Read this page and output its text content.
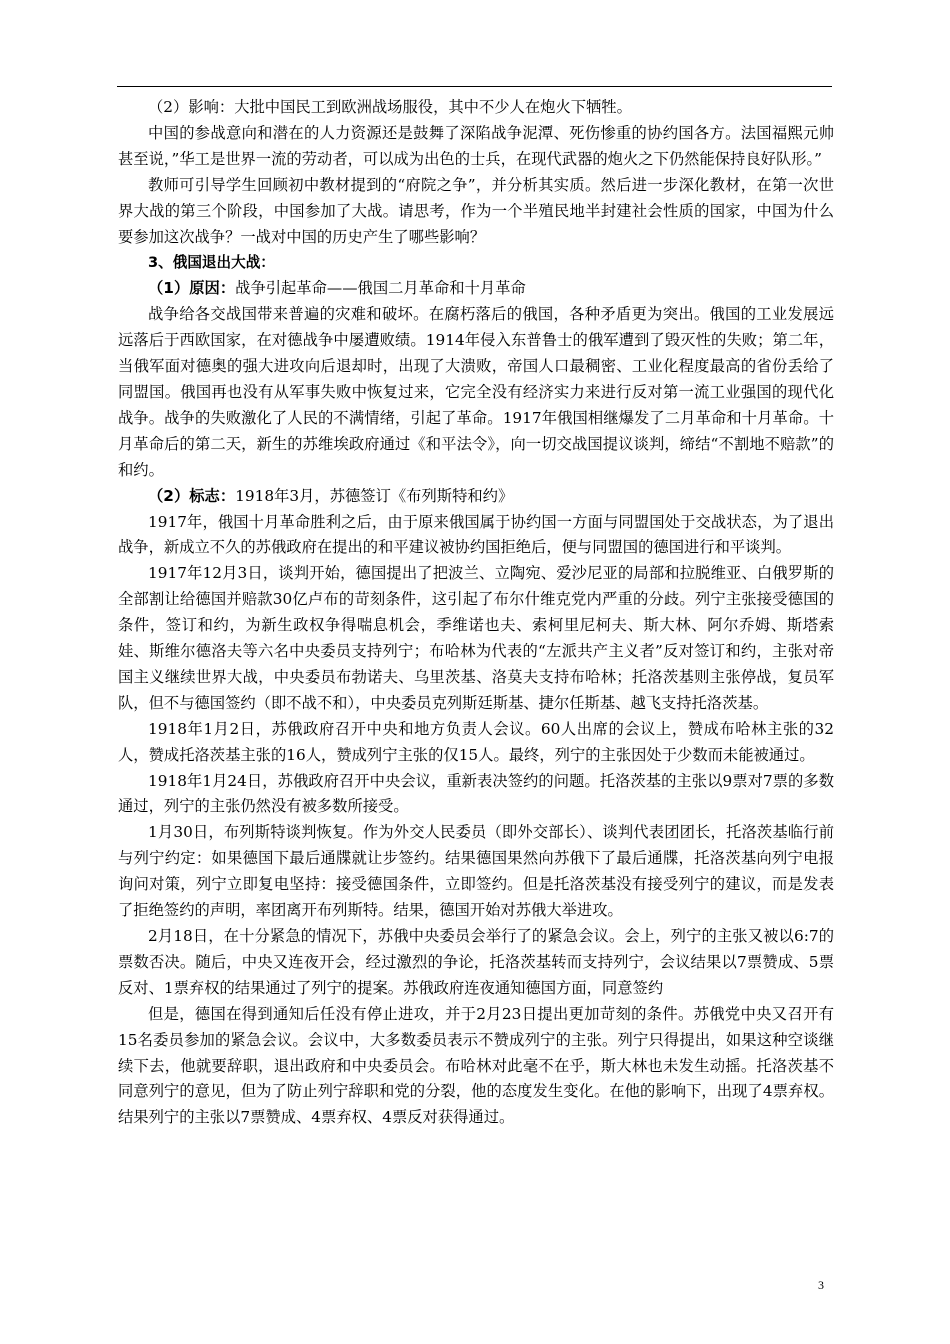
（2）影响：大批中国民工到欧洲战场服役，其中不少人在炮火下牺牲。

中国的参战意向和潜在的人力资源还是鼓舞了深陷战争泥潭、死伤惨重的协约国各方。法国福熙元帅甚至说，”华工是世界一流的劳动者，可以成为出色的士兵，在现代武器的炮火之下仍然能保持良好队形。”

教师可引导学生回顾初中教材提到的“府院之争”，并分析其实质。然后进一步深化教材，在第一次世界大战的第三个阶段，中国参加了大战。请思考，作为一个半殖民地半封建社会性质的国家，中国为什么要参加这次战争？一战对中国的历史产生了哪些影响？

3、俄国退出大战：

（1）原因：战争引起革命——俄国二月革命和十月革命

战争给各交战国带来普遍的灾难和破坏。在腐朽落后的俄国，各种矛盾更为突出。俄国的工业发展远远落后于西欧国家，在对德战争中屡遭败绩。1914年侵入东普鲁士的俄军遭到了毁灭性的失败；第二年，当俄军面对德奥的强大进攻向后退却时，出现了大溃败，帝国人口最稠密、工业化程度最高的省份丢给了同盟国。俄国再也没有从军事失败中恢复过来，它完全没有经济实力来进行反对第一流工业强国的现代化战争。战争的失败激化了人民的不满情绪，引起了革命。1917年俄国相继爆发了二月革命和十月革命。十月革命后的第二天，新生的苏维埃政府通过《和平法令》，向一切交战国提议谈判，缔结“不割地不赔款”的和约。

（2）标志：1918年3月，苏德签订《布列斯特和约》

1917年，俄国十月革命胜利之后，由于原来俄国属于协约国一方面与同盟国处于交战状态，为了退出战争，新成立不久的苏俄政府在提出的和平建议被协约国拒绝后，便与同盟国的德国进行和平谈判。

1917年12月3日，谈判开始，德国提出了把波兰、立陶宛、爱沙尼亚的局部和拉脱维亚、白俄罗斯的全部割让给德国并赔款30亿卢布的苛刻条件，这引起了布尔什维克党内严重的分歧。列宁主张接受德国的条件，签订和约，为新生政权争得喘息机会，季维诺也夫、索柯里尼柯夫、斯大林、阿尔乔姆、斯塔索娃、斯维尔德洛夫等六名中央委员支持列宁；布哈林为代表的“左派共产主义者”反对签订和约，主张对帝国主义继续世界大战，中央委员布勃诺夫、乌里茨基、洛莫夫支持布哈林；托洛茨基则主张停战，复员军队，但不与德国签约（即不战不和），中央委员克列斯廷斯基、捷尔任斯基、越飞支持托洛茨基。

1918年1月2日，苏俄政府召开中央和地方负责人会议。60人出席的会议上，赞成布哈林主张的32人，赞成托洛茨基主张的16人，赞成列宁主张的仅15人。最终，列宁的主张因处于少数而未能被通过。

1918年1月24日，苏俄政府召开中央会议，重新表决签约的问题。托洛茨基的主张以9票对7票的多数通过，列宁的主张仍然没有被多数所接受。

1月30日，布列斯特谈判恢复。作为外交人民委员（即外交部长）、谈判代表团团长，托洛茨基临行前与列宁约定：如果德国下最后通牒就让步签约。结果德国果然向苏俄下了最后通牒，托洛茨基向列宁电报询问对策，列宁立即复电坚持：接受德国条件，立即签约。但是托洛茨基没有接受列宁的建议，而是发表了拒绝签约的声明，率团离开布列斯特。结果，德国开始对苏俄大举进攻。

2月18日，在十分紧急的情况下，苏俄中央委员会举行了的紧急会议。会上，列宁的主张又被以6:7的票数否决。随后，中央又连夜开会，经过激烈的争论，托洛茨基转而支持列宁，会议结果以7票赞成、5票反对、1票弃权的结果通过了列宁的提案。苏俄政府连夜通知德国方面，同意签约

但是，德国在得到通知后任没有停止进攻，并于2月23日提出更加苛刻的条件。苏俄党中央又召开有15名委员参加的紧急会议。会议中，大多数委员表示不赞成列宁的主张。列宁只得提出，如果这种空谈继续下去，他就要辞职，退出政府和中央委员会。布哈林对此毫不在乎，斯大林也未发生动摇。托洛茨基不同意列宁的意见，但为了防止列宁辞职和党的分裂，他的态度发生变化。在他的影响下，出现了4票弃权。结果列宁的主张以7票赞成、4票弃权、4票反对获得通过。

3
